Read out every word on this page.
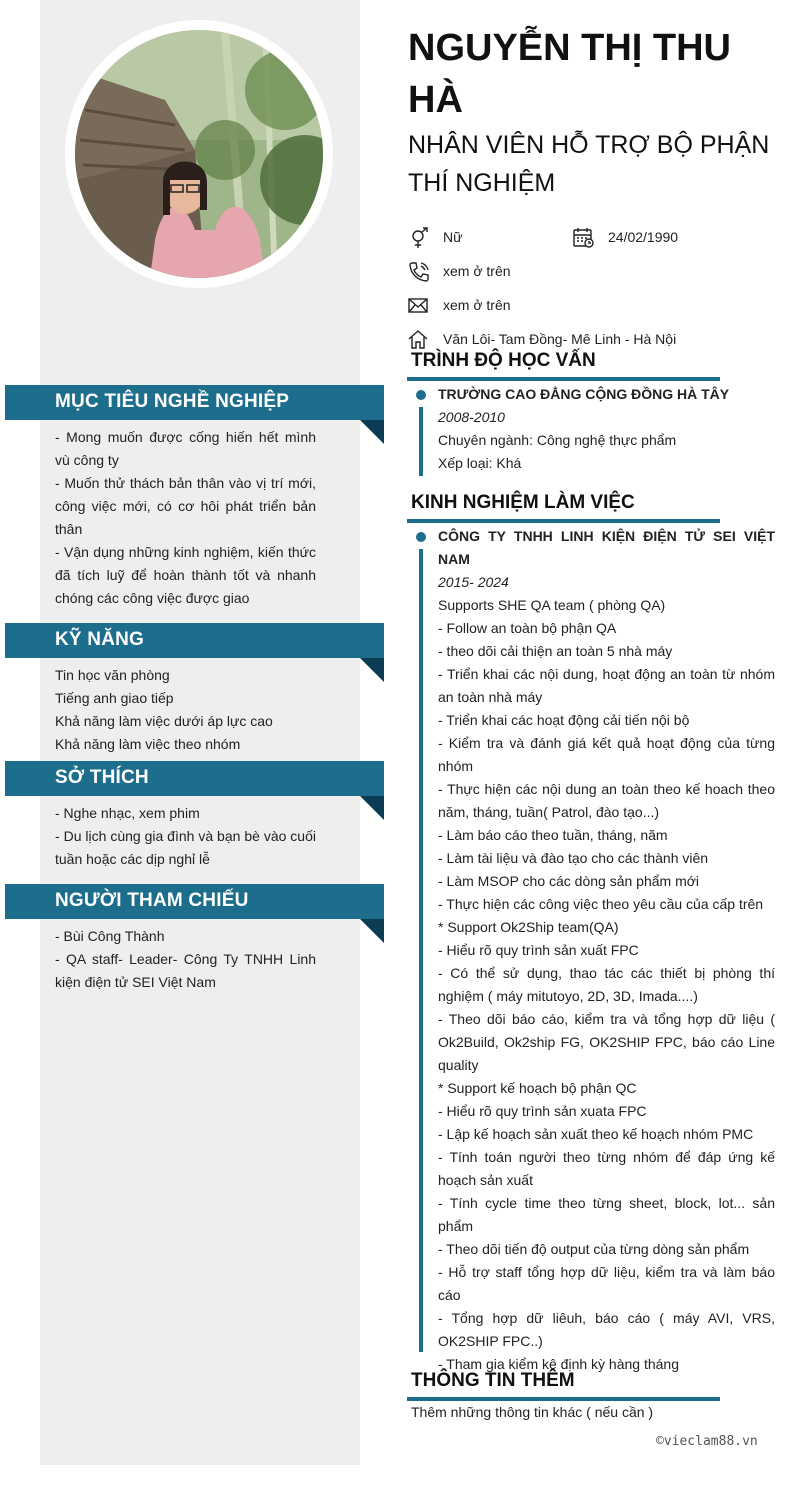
NGUYỄN THỊ THU HÀ
NHÂN VIÊN HỖ TRỢ BỘ PHẬN THÍ NGHIỆM
Nữ	24/02/1990
xem ở trên
xem ở trên
Văn Lôi- Tam Đồng- Mê Linh - Hà Nội
MỤC TIÊU NGHỀ NGHIỆP

- Mong muốn được cống hiến hết mình vù công ty

- Muốn thử thách bản thân vào vị trí mới, công việc mới, có cơ hôi phát triển bản thân

- Vận dụng những kinh nghiệm, kiến thức đã tích luỹ để hoàn thành tốt và nhanh chóng các công việc được giao

KỸ NĂNG

Tin học văn phòng

Tiếng anh giao tiếp

Khả năng làm việc dưới áp lực cao

Khả năng làm việc theo nhóm

SỞ THÍCH

- Nghe nhạc, xem phim

- Du lịch cùng gia đình và bạn bè vào cuối tuần hoặc các dịp nghỉ lễ

NGƯỜI THAM CHIẾU

- Bùi Công Thành

- QA staff- Leader- Công Ty TNHH Linh kiện điện tử SEI Việt Nam

TRÌNH ĐỘ HỌC VẤN

TRƯỜNG CAO ĐẲNG CỘNG ĐỒNG HÀ TÂY

2008-2010

Chuyên ngành: Công nghệ thực phẩm

Xếp loại: Khá

KINH NGHIỆM LÀM VIỆC

CÔNG TY TNHH LINH KIỆN ĐIỆN TỬ SEI VIỆT NAM

2015- 2024

Supports SHE QA team ( phòng QA)

- Follow an toàn bộ phận QA

- theo dõi cải thiện an toàn 5 nhà máy

- Triển khai các nội dung, hoạt động an toàn từ nhóm an toàn nhà máy

- Triển khai các hoạt động cải tiến nội bộ

- Kiểm tra và đánh giá kết quả hoạt động của từng nhóm

- Thực hiện các nội dung an toàn theo kế hoach theo năm, tháng, tuần( Patrol, đào tạo...)

- Làm báo cáo theo tuần, tháng, năm

- Làm tài liệu và đào tạo cho các thành viên

- Làm MSOP cho các dòng sản phẩm mới

- Thực hiện các công việc theo yêu cầu của cấp trên

* Support Ok2Ship team(QA)

- Hiểu rõ quy trình sản xuất FPC

- Có thể sử dụng, thao tác các thiết bị phòng thí nghiệm ( máy mitutoyo, 2D, 3D, Imada....)

- Theo dõi báo cáo, kiểm tra và tổng hợp dữ liệu ( Ok2Build, Ok2ship FG, OK2SHIP FPC, báo cáo Line quality

* Support kế hoạch bộ phận QC

- Hiểu rõ quy trình sản xuata FPC

- Lập kế hoạch sản xuất theo kế hoạch nhóm PMC

- Tính toán người theo từng nhóm để đáp ứng kế hoạch sản xuất

- Tính cycle time theo từng sheet, block, lot... sản phẩm

- Theo dõi tiến độ output của từng dòng sản phẩm

- Hỗ trợ staff tổng hợp dữ liệu, kiểm tra và làm báo cáo

- Tổng hợp dữ liêuh, báo cáo ( máy AVI, VRS, OK2SHIP FPC..)

- Tham gia kiểm kê định kỳ hàng tháng

THÔNG TIN THÊM
Thêm những thông tin khác ( nếu cần )
©vieclam88.vn
